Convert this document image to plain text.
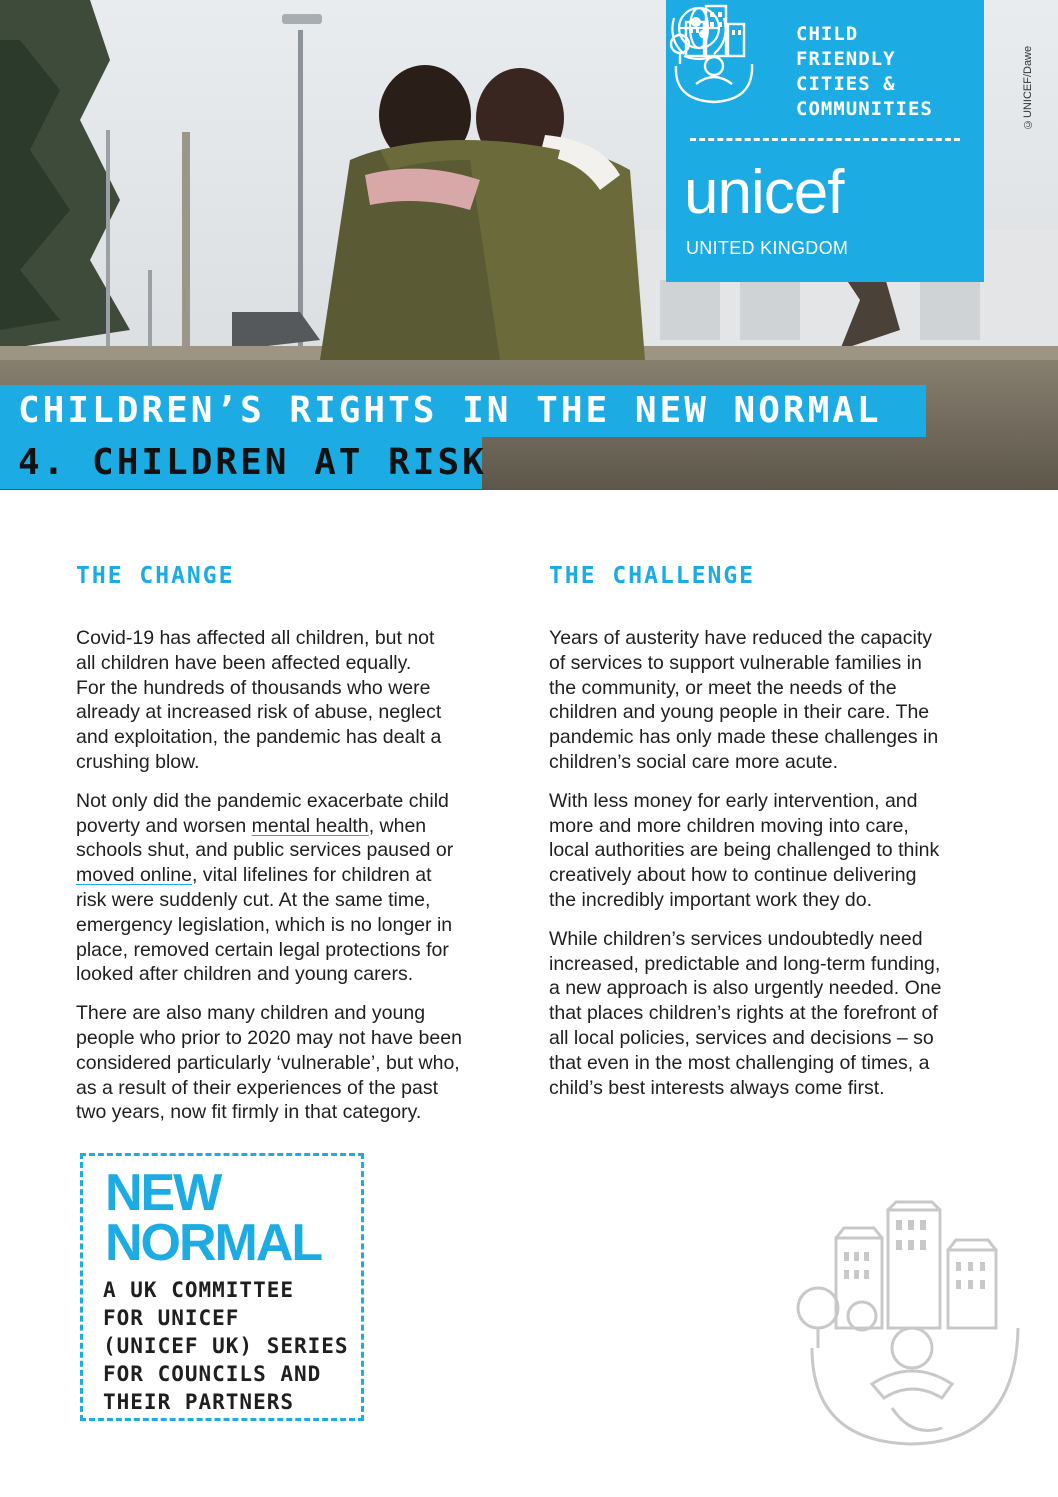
©UNICEF/Dawe
CHILD
FRIENDLY
CITIES &
COMMUNITIES
unicef
UNITED KINGDOM
CHILDREN’S RIGHTS IN THE NEW NORMAL
4. CHILDREN AT RISK
THE CHANGE

Covid-19 has affected all children, but not
all children have been affected equally.
For the hundreds of thousands who were
already at increased risk of abuse, neglect
and exploitation, the pandemic has dealt a
crushing blow.

Not only did the pandemic exacerbate child
poverty and worsen mental health, when
schools shut, and public services paused or
moved online, vital lifelines for children at
risk were suddenly cut. At the same time,
emergency legislation, which is no longer in
place, removed certain legal protections for
looked after children and young carers.

There are also many children and young
people who prior to 2020 may not have been
considered particularly ‘vulnerable’, but who,
as a result of their experiences of the past
two years, now fit firmly in that category.

THE CHALLENGE

Years of austerity have reduced the capacity
of services to support vulnerable families in
the community, or meet the needs of the
children and young people in their care. The
pandemic has only made these challenges in
children’s social care more acute.

With less money for early intervention, and
more and more children moving into care,
local authorities are being challenged to think
creatively about how to continue delivering
the incredibly important work they do.

While children’s services undoubtedly need
increased, predictable and long-term funding,
a new approach is also urgently needed. One
that places children’s rights at the forefront of
all local policies, services and decisions – so
that even in the most challenging of times, a
child’s best interests always come first.

NEW
NORMAL
A UK COMMITTEE
FOR UNICEF
(UNICEF UK) SERIES
FOR COUNCILS AND
THEIR PARTNERS
